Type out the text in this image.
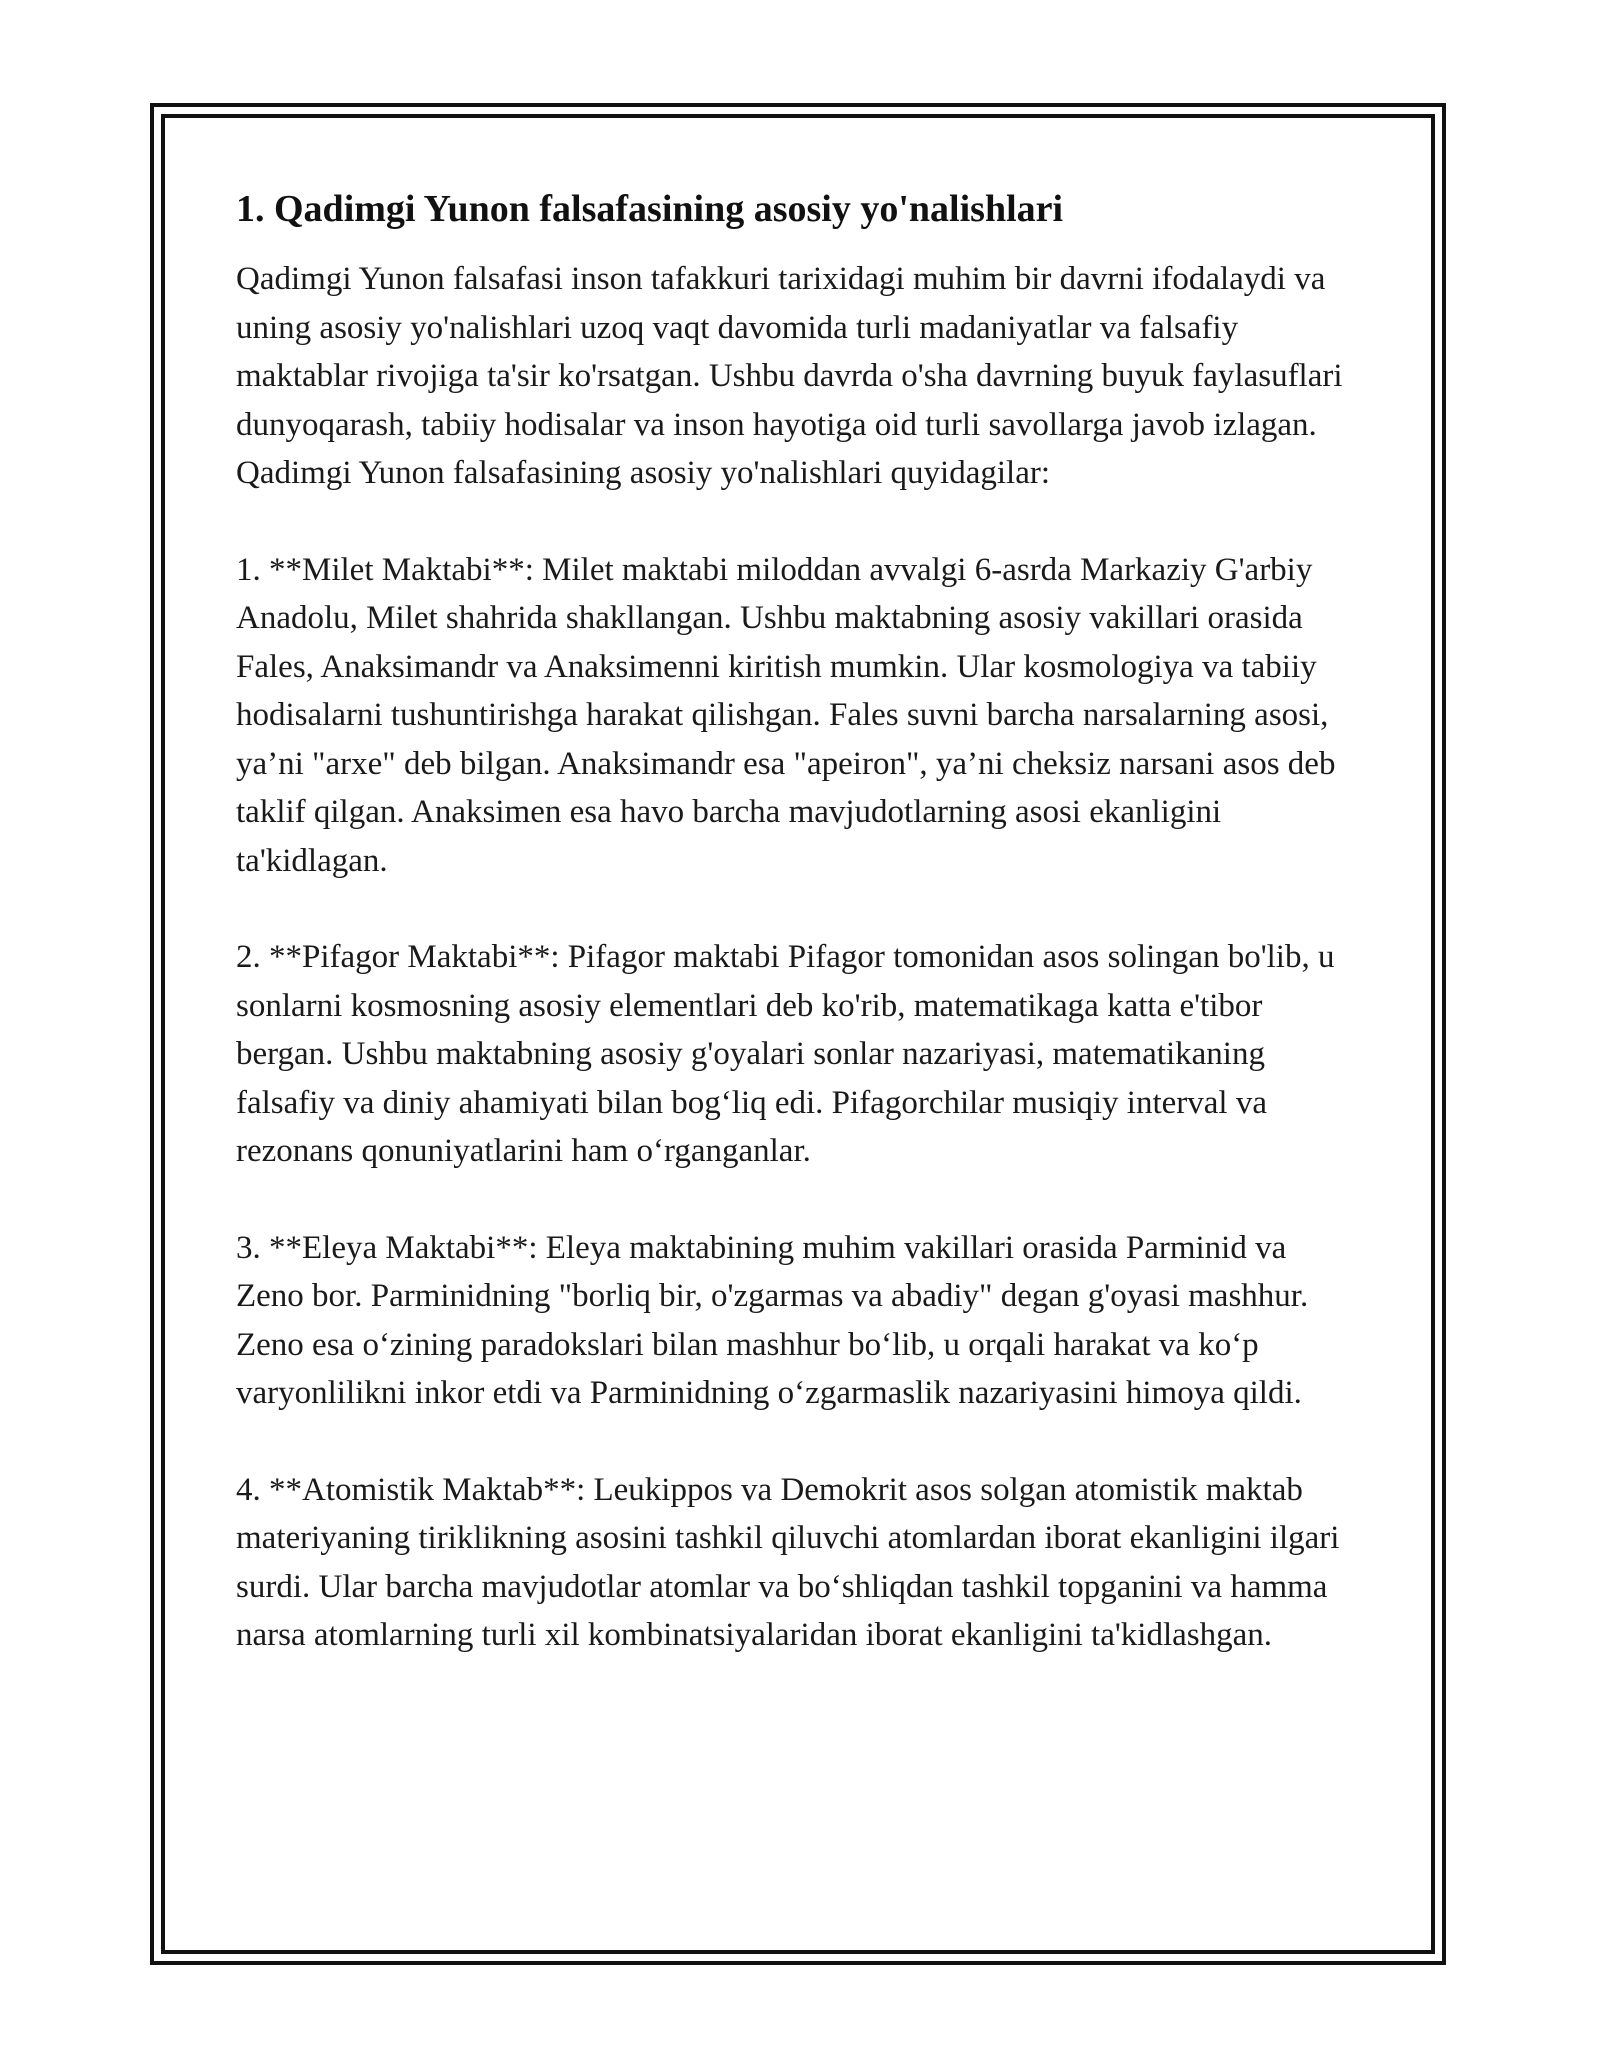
1. Qadimgi Yunon falsafasining asosiy yo'nalishlari

Qadimgi Yunon falsafasi inson tafakkuri tarixidagi muhim bir davrni ifodalaydi va uning asosiy yo'nalishlari uzoq vaqt davomida turli madaniyatlar va falsafiy maktablar rivojiga ta'sir ko'rsatgan. Ushbu davrda o'sha davrning buyuk faylasuflari dunyoqarash, tabiiy hodisalar va inson hayotiga oid turli savollarga javob izlagan. Qadimgi Yunon falsafasining asosiy yo'nalishlari quyidagilar:

1. **Milet Maktabi**: Milet maktabi miloddan avvalgi 6-asrda Markaziy G'arbiy Anadolu, Milet shahrida shakllangan. Ushbu maktabning asosiy vakillari orasida Fales, Anaksimandr va Anaksimenni kiritish mumkin. Ular kosmologiya va tabiiy hodisalarni tushuntirishga harakat qilishgan. Fales suvni barcha narsalarning asosi, ya’ni "arxe" deb bilgan. Anaksimandr esa "apeiron", ya’ni cheksiz narsani asos deb taklif qilgan. Anaksimen esa havo barcha mavjudotlarning asosi ekanligini ta'kidlagan.

2. **Pifagor Maktabi**: Pifagor maktabi Pifagor tomonidan asos solingan bo'lib, u sonlarni kosmosning asosiy elementlari deb ko'rib, matematikaga katta e'tibor bergan. Ushbu maktabning asosiy g'oyalari sonlar nazariyasi, matematikaning falsafiy va diniy ahamiyati bilan bog‘liq edi. Pifagorchilar musiqiy interval va rezonans qonuniyatlarini ham o‘rganganlar.

3. **Eleya Maktabi**: Eleya maktabining muhim vakillari orasida Parminid va Zeno bor. Parminidning "borliq bir, o'zgarmas va abadiy" degan g'oyasi mashhur. Zeno esa o‘zining paradokslari bilan mashhur bo‘lib, u orqali harakat va ko‘p varyonlilikni inkor etdi va Parminidning o‘zgarmaslik nazariyasini himoya qildi.

4. **Atomistik Maktab**: Leukippos va Demokrit asos solgan atomistik maktab materiyaning tiriklikning asosini tashkil qiluvchi atomlardan iborat ekanligini ilgari surdi. Ular barcha mavjudotlar atomlar va bo‘shliqdan tashkil topganini va hamma narsa atomlarning turli xil kombinatsiyalaridan iborat ekanligini ta'kidlashgan.
